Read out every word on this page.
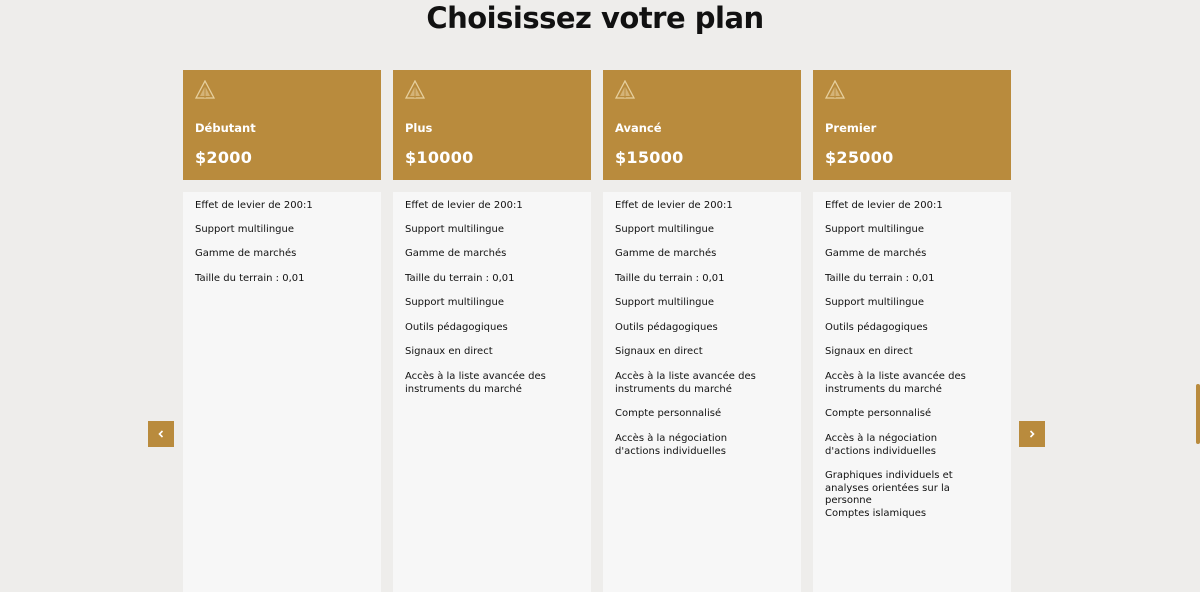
Choisissez votre plan
Débutant
$2000
Effet de levier de 200:1
Support multilingue
Gamme de marchés
Taille du terrain : 0,01
Plus
$10000
Effet de levier de 200:1
Support multilingue
Gamme de marchés
Taille du terrain : 0,01
Support multilingue
Outils pédagogiques
Signaux en direct
Accès à la liste avancée des instruments du marché
Avancé
$15000
Effet de levier de 200:1
Support multilingue
Gamme de marchés
Taille du terrain : 0,01
Support multilingue
Outils pédagogiques
Signaux en direct
Accès à la liste avancée des instruments du marché
Compte personnalisé
Accès à la négociation d'actions individuelles
Premier
$25000
Effet de levier de 200:1
Support multilingue
Gamme de marchés
Taille du terrain : 0,01
Support multilingue
Outils pédagogiques
Signaux en direct
Accès à la liste avancée des instruments du marché
Compte personnalisé
Accès à la négociation d'actions individuelles
Graphiques individuels et analyses orientées sur la personne
Comptes islamiques
